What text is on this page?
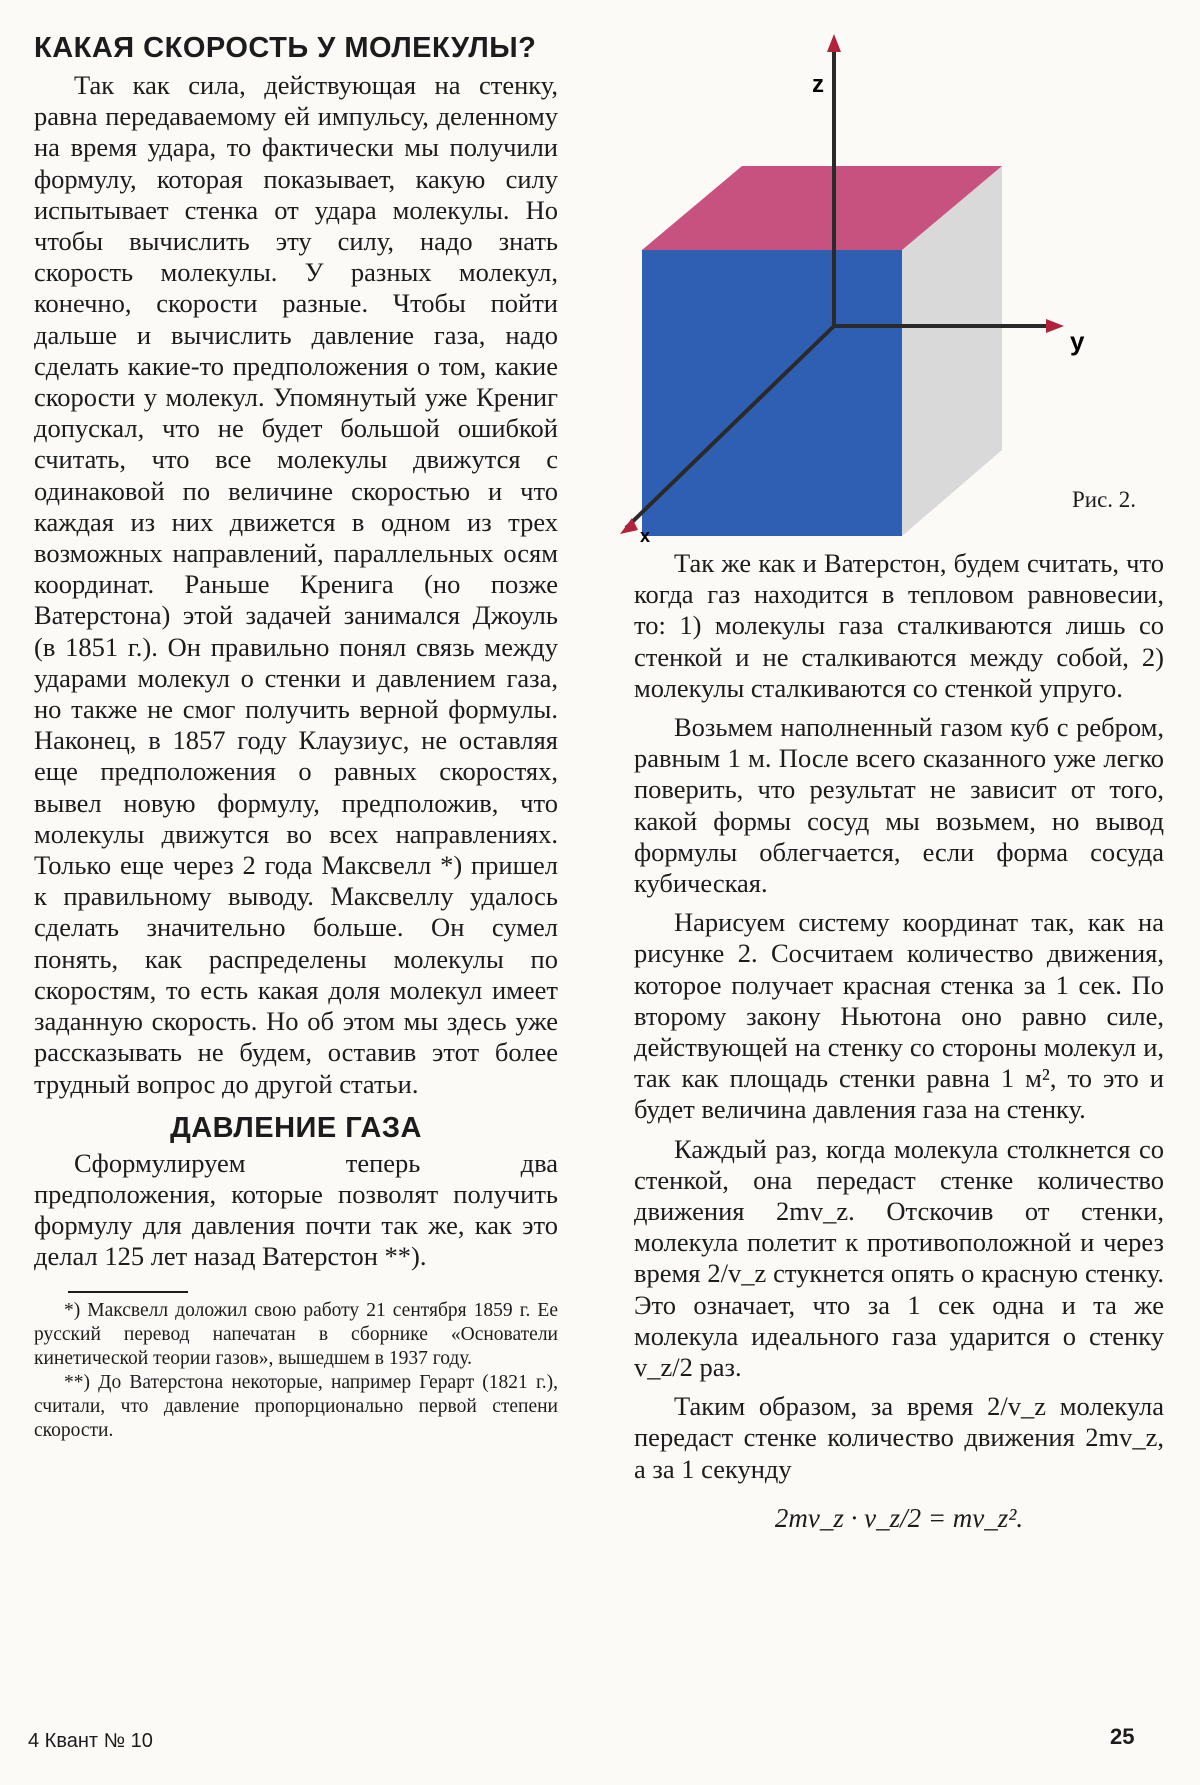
КАКАЯ СКОРОСТЬ У МОЛЕКУЛЫ?

Так как сила, действующая на стенку, равна передаваемому ей импульсу, деленному на время удара, то фактически мы получили формулу, которая показывает, какую силу испытывает стенка от удара молекулы. Но чтобы вычислить эту силу, надо знать скорость молекулы. У разных молекул, конечно, скорости разные. Чтобы пойти дальше и вычислить давление газа, надо сделать какие-то предположения о том, какие скорости у молекул. Упомянутый уже Крениг допускал, что не будет большой ошибкой считать, что все молекулы движутся с одинаковой по величине скоростью и что каждая из них движется в одном из трех возможных направлений, параллельных осям координат. Раньше Кренига (но позже Ватерстона) этой задачей занимался Джоуль (в 1851 г.). Он правильно понял связь между ударами молекул о стенки и давлением газа, но также не смог получить верной формулы. Наконец, в 1857 году Клаузиус, не оставляя еще предположения о равных скоростях, вывел новую формулу, предположив, что молекулы движутся во всех направлениях. Только еще через 2 года Максвелл *) пришел к правильному выводу. Максвеллу удалось сделать значительно больше. Он сумел понять, как распределены молекулы по скоростям, то есть какая доля молекул имеет заданную скорость. Но об этом мы здесь уже рассказывать не будем, оставив этот более трудный вопрос до другой статьи.

ДАВЛЕНИЕ ГАЗА

Сформулируем теперь два предположения, которые позволят получить формулу для давления почти так же, как это делал 125 лет назад Ватерстон **).

*) Максвелл доложил свою работу 21 сентября 1859 г. Ее русский перевод напечатан в сборнике «Основатели кинетической теории газов», вышедшем в 1937 году.

**) До Ватерстона некоторые, например Герарт (1821 г.), считали, что давление пропорционально первой степени скорости.

z
y
x
Рис. 2.

Так же как и Ватерстон, будем считать, что когда газ находится в тепловом равновесии, то: 1) молекулы газа сталкиваются лишь со стенкой и не сталкиваются между собой, 2) молекулы сталкиваются со стенкой упруго.

Возьмем наполненный газом куб с ребром, равным 1 м. После всего сказанного уже легко поверить, что результат не зависит от того, какой формы сосуд мы возьмем, но вывод формулы облегчается, если форма сосуда кубическая.

Нарисуем систему координат так, как на рисунке 2. Сосчитаем количество движения, которое получает красная стенка за 1 сек. По второму закону Ньютона оно равно силе, действующей на стенку со стороны молекул и, так как площадь стенки равна 1 м², то это и будет величина давления газа на стенку.

Каждый раз, когда молекула столкнется со стенкой, она передаст стенке количество движения 2mv_z. Отскочив от стенки, молекула полетит к противоположной и через время 2/v_z стукнется опять о красную стенку. Это означает, что за 1 сек одна и та же молекула идеального газа ударится о стенку v_z/2 раз.

Таким образом, за время 2/v_z молекула передаст стенке количество движения 2mv_z, а за 1 секунду

2mv_z · v_z/2 = mv_z².
4 Квант № 10	25
